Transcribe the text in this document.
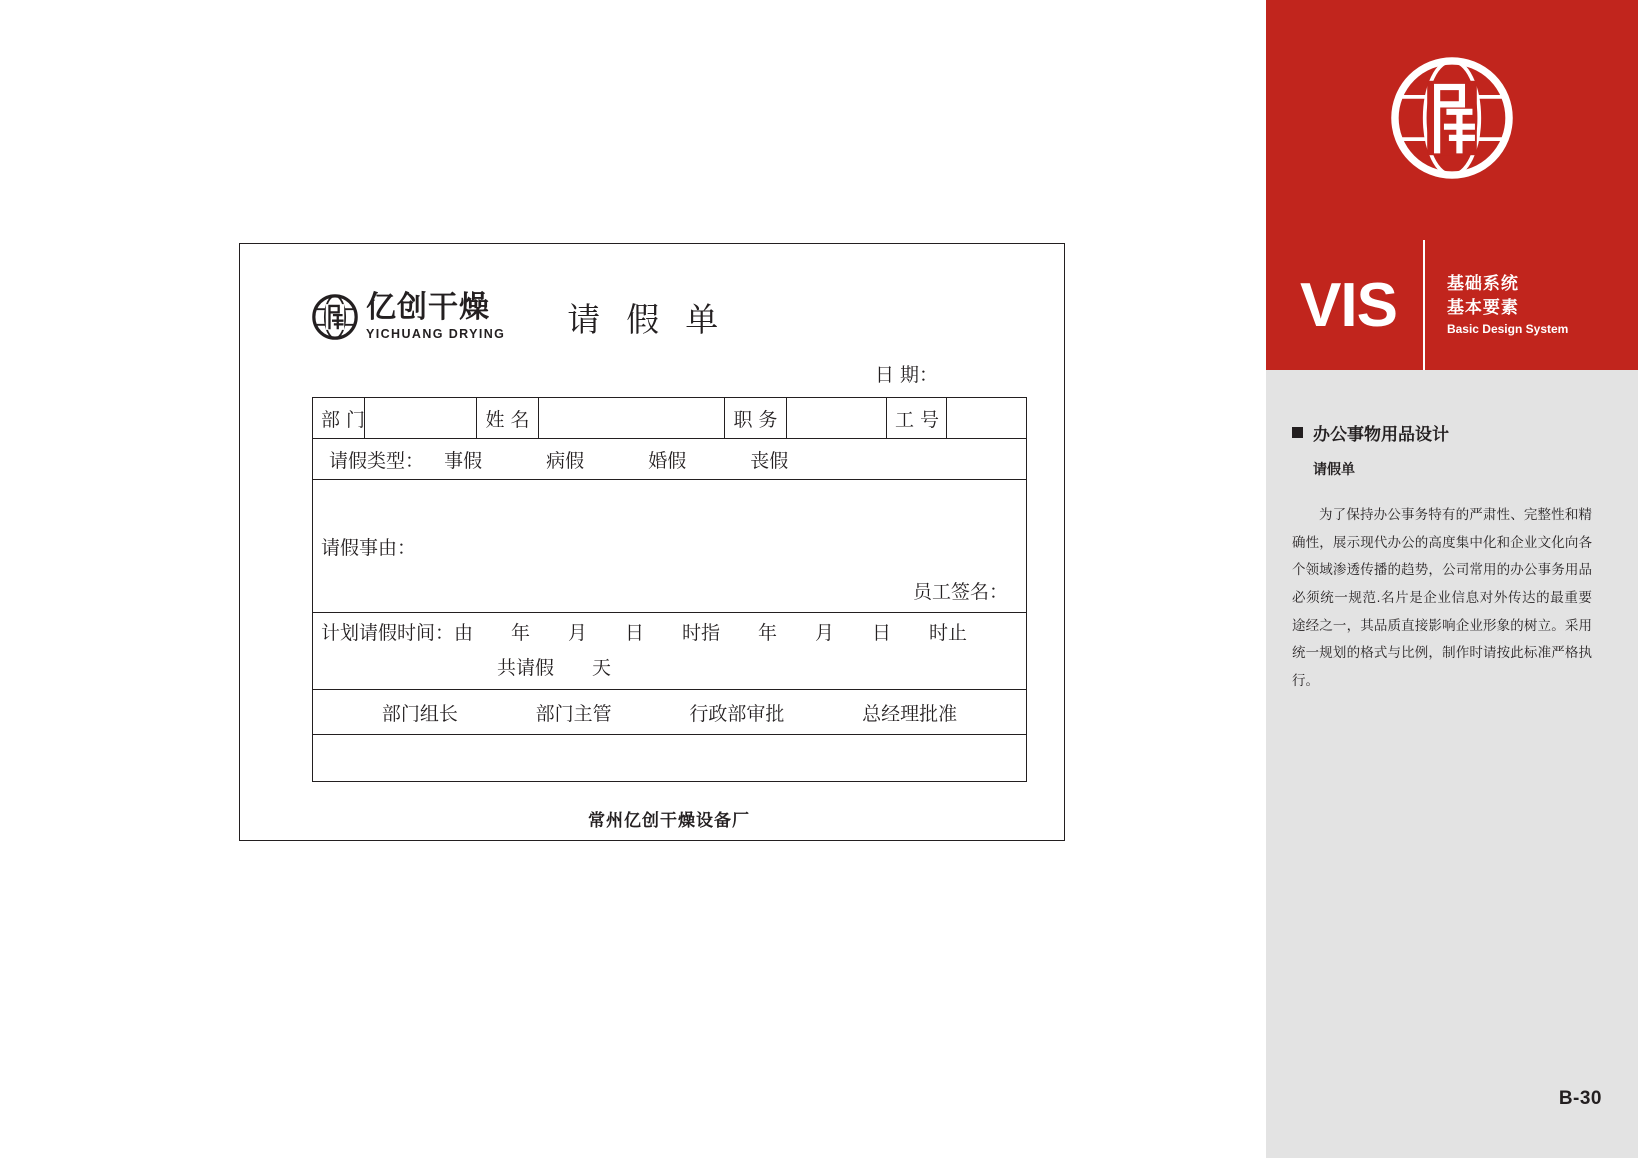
亿创干燥
YICHUANG DRYING 请假单
日 期：
部 门		姓 名		职 务		工 号	
请假类型： 事假	病假	婚假	丧假
请假事由：
员工签名：

计划请假时间：由　　年　　月　　日　　时指　　年　　月　　日　　时止
共请假　　天

部门组长	部门主管	行政部审批	总经理批准

常州亿创干燥设备厂
VIS	基础系统
基本要素
Basic Design System
办公事物用品设计
请假单
为了保持办公事务特有的严肃性、完整性和精确性，展示现代办公的高度集中化和企业文化向各个领域渗透传播的趋势，公司常用的办公事务用品必须统一规范.名片是企业信息对外传达的最重要途经之一，其品质直接影响企业形象的树立。采用统一规划的格式与比例，制作时请按此标准严格执行。
B-30
